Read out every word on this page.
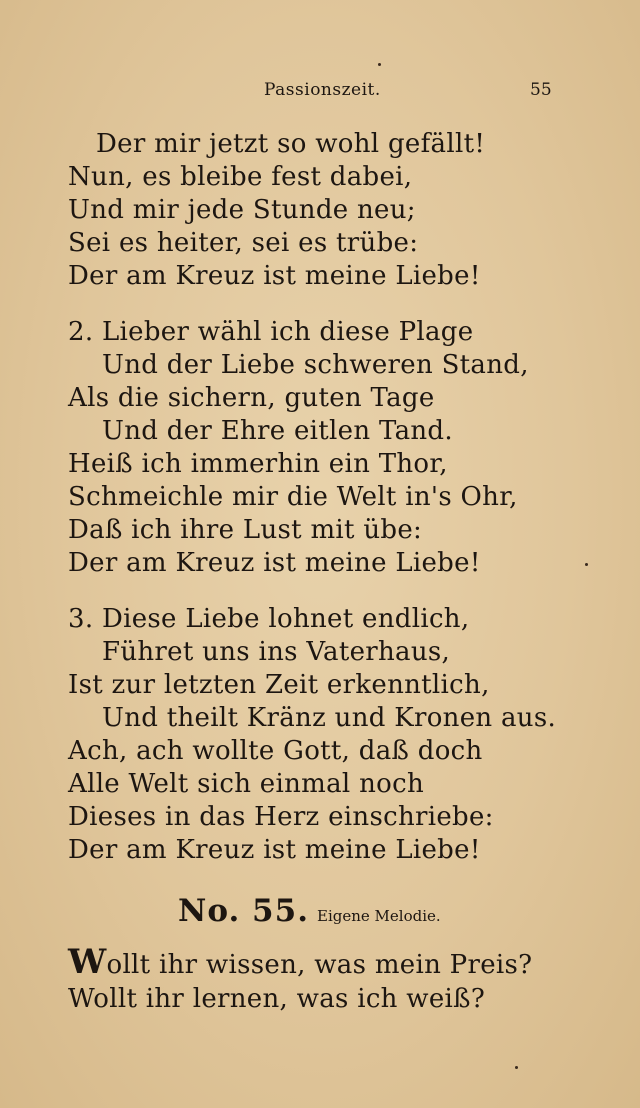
Passionszeit.	55
Der mir jetzt so wohl gefällt!
Nun, es bleibe fest dabei,
Und mir jede Stunde neu;
Sei es heiter, sei es trübe:
Der am Kreuz ist meine Liebe!
2. Lieber wähl ich diese Plage
Und der Liebe schweren Stand,
Als die sichern, guten Tage
Und der Ehre eitlen Tand.
Heiß ich immerhin ein Thor,
Schmeichle mir die Welt in's Ohr,
Daß ich ihre Lust mit übe:
Der am Kreuz ist meine Liebe!
3. Diese Liebe lohnet endlich,
Führet uns ins Vaterhaus,
Ist zur letzten Zeit erkenntlich,
Und theilt Kränz und Kronen aus.
Ach, ach wollte Gott, daß doch
Alle Welt sich einmal noch
Dieses in das Herz einschriebe:
Der am Kreuz ist meine Liebe!
No. 55. Eigene Melodie.
Wollt ihr wissen, was mein Preis?
Wollt ihr lernen, was ich weiß?
